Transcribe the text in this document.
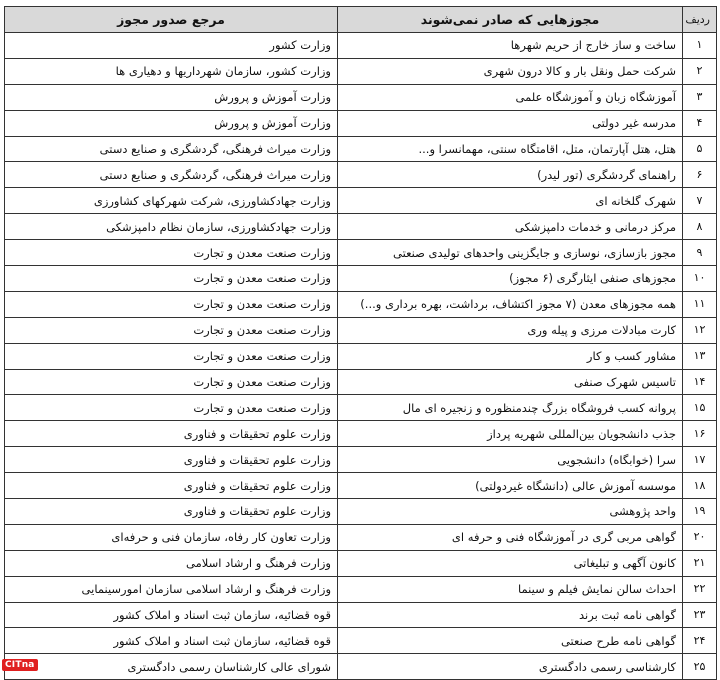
ردیف	مجوزهایی که صادر نمی‌شوند	مرجع صدور مجوز
۱	ساخت و ساز خارج از حریم شهرها	وزارت کشور
۲	شرکت حمل ونقل بار و کالا درون شهری	وزارت کشور، سازمان شهرداریها و دهیاری ها
۳	آموزشگاه زبان و آموزشگاه علمی	وزارت آموزش و پرورش
۴	مدرسه غیر دولتی	وزارت آموزش و پرورش
۵	هتل، هتل آپارتمان، متل، اقامتگاه سنتی، مهمانسرا و...	وزارت میراث فرهنگی، گردشگری و صنایع دستی
۶	راهنمای گردشگری (تور لیدر)	وزارت میراث فرهنگی، گردشگری و صنایع دستی
۷	شهرک گلخانه ای	وزارت جهادکشاورزی، شرکت شهرکهای کشاورزی
۸	مرکز درمانی و خدمات دامپزشکی	وزارت جهادکشاورزی، سازمان نظام دامپزشکی
۹	مجوز بازسازی، نوسازی و جایگزینی واحدهای تولیدی صنعتی	وزارت صنعت معدن و تجارت
۱۰	مجوزهای صنفی ایثارگری (۶ مجوز)	وزارت صنعت معدن و تجارت
۱۱	همه مجوزهای معدن (۷ مجوز اکتشاف، برداشت، بهره برداری و...)	وزارت صنعت معدن و تجارت
۱۲	کارت مبادلات مرزی و پیله وری	وزارت صنعت معدن و تجارت
۱۳	مشاور کسب و کار	وزارت صنعت معدن و تجارت
۱۴	تاسیس شهرک صنفی	وزارت صنعت معدن و تجارت
۱۵	پروانه کسب فروشگاه بزرگ چندمنظوره و زنجیره ای مال	وزارت صنعت معدن و تجارت
۱۶	جذب دانشجویان بین‌المللی شهریه پرداز	وزارت علوم تحقیقات و فناوری
۱۷	سرا (خوابگاه) دانشجویی	وزارت علوم تحقیقات و فناوری
۱۸	موسسه آموزش عالی (دانشگاه غیردولتی)	وزارت علوم تحقیقات و فناوری
۱۹	واحد پژوهشی	وزارت علوم تحقیقات و فناوری
۲۰	گواهی مربی گری در آموزشگاه فنی و حرفه ای	وزارت تعاون کار رفاه، سازمان فنی و حرفه‌ای
۲۱	کانون آگهی و تبلیغاتی	وزارت فرهنگ و ارشاد اسلامی
۲۲	احداث سالن نمایش فیلم و سینما	وزارت فرهنگ و ارشاد اسلامی سازمان امورسینمایی
۲۳	گواهی نامه ثبت برند	قوه قضائیه، سازمان ثبت اسناد و املاک کشور
۲۴	گواهی نامه طرح صنعتی	قوه قضائیه، سازمان ثبت اسناد و املاک کشور
۲۵	کارشناسی رسمی دادگستری	شورای عالی کارشناسان رسمی دادگستری
CITna
